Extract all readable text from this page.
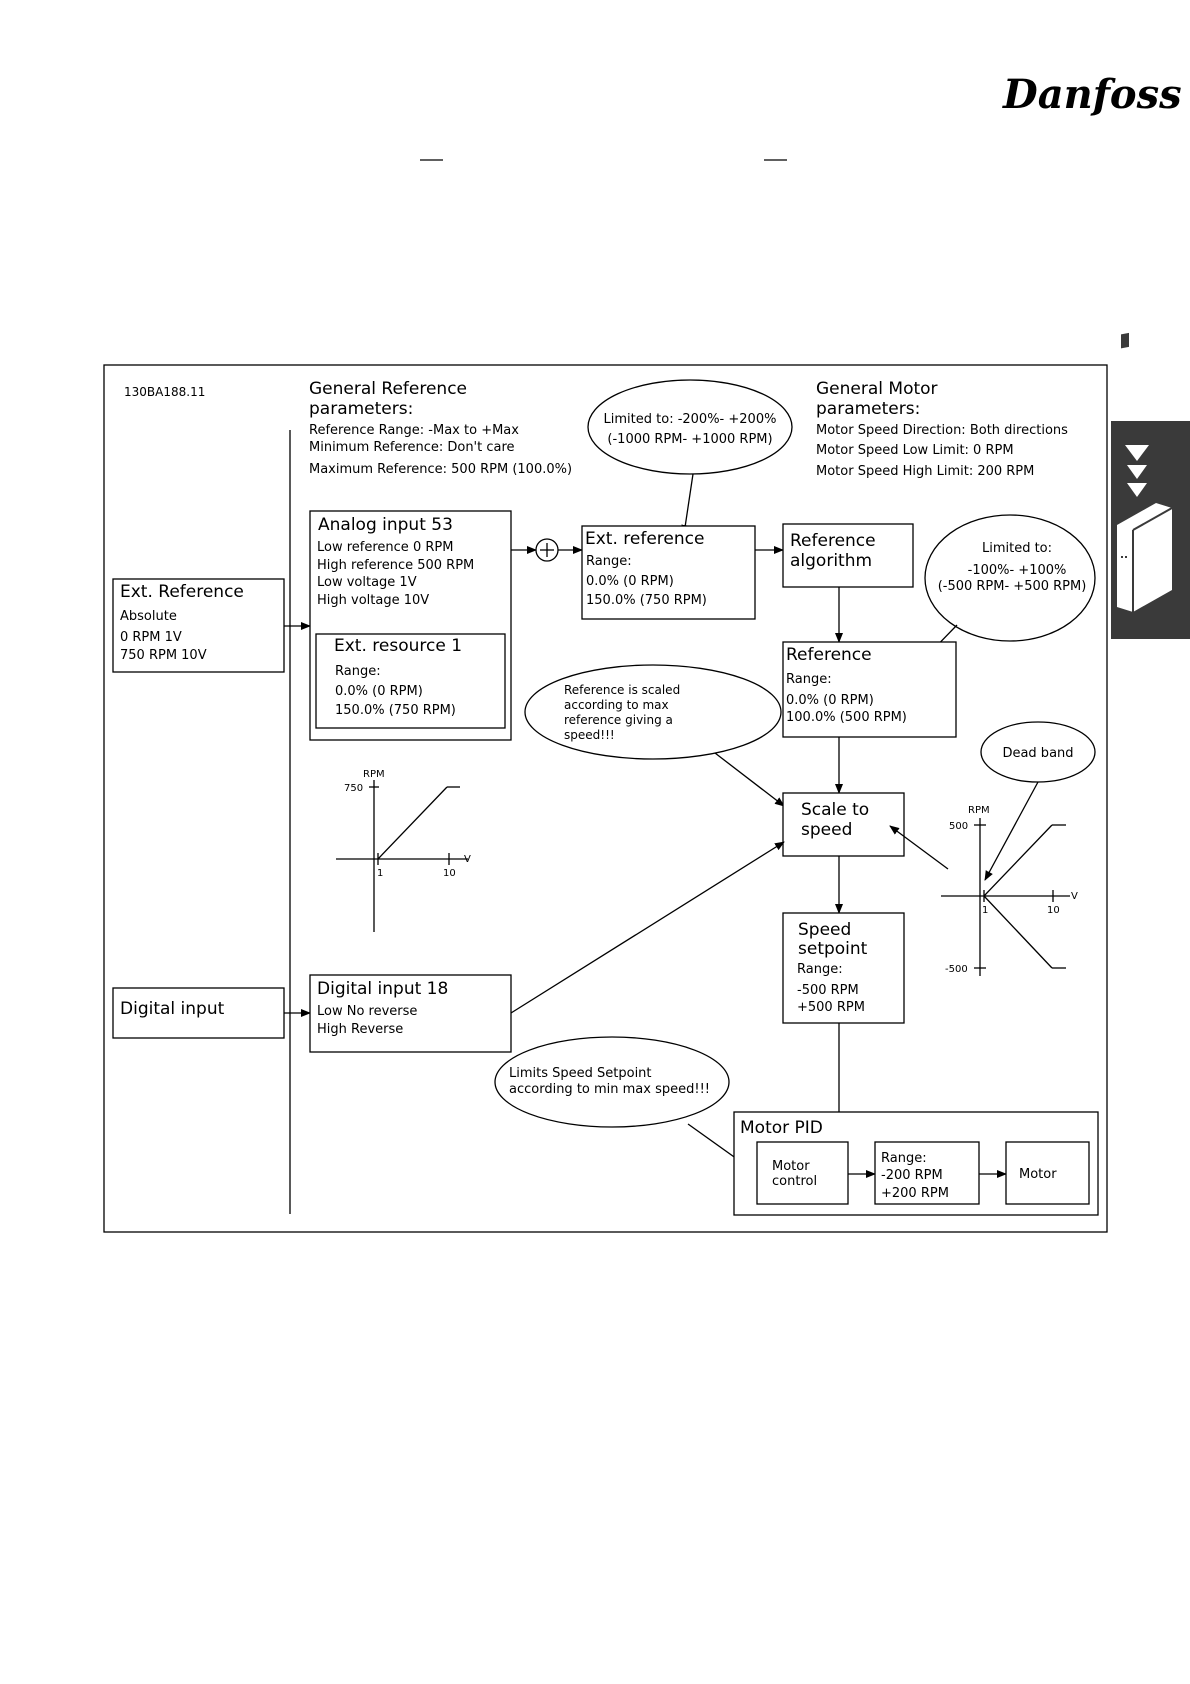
Danfoss
130BA188.11	General Reference
parameters:
Reference Range: -Max to +Max
Minimum Reference: Don't care
Maximum Reference: 500 RPM (100.0%)
General Motor
parameters:
Motor Speed Direction: Both directions
Motor Speed Low Limit: 0 RPM
Motor Speed High Limit: 200 RPM
Limited to: -200%- +200%
(-1000 RPM- +1000 RPM)
Ext. Reference
Absolute
0 RPM 1V
750 RPM 10V
Analog input 53
Low reference 0 RPM
High reference 500 RPM
Low voltage 1V
High voltage 10V
Ext. resource 1
Range:
0.0% (0 RPM)
150.0% (750 RPM)
Ext. reference
Range:
0.0% (0 RPM)
150.0% (750 RPM)
Reference
algorithm
Limited to:
-100%- +100%
(-500 RPM- +500 RPM)
Reference
Range:
0.0% (0 RPM)
100.0% (500 RPM)
Reference is scaled
according to max
reference giving a
speed!!!
Dead band
Scale to
speed
Speed
setpoint
Range:
-500 RPM
+500 RPM
RPM
750
V
1	10
RPM
500
-500
V
1	10
Digital input
Digital input 18
Low No reverse
High Reverse
Limits Speed Setpoint
according to min max speed!!!
Motor PID
Motor
control
Range:
-200 RPM
+200 RPM
Motor
